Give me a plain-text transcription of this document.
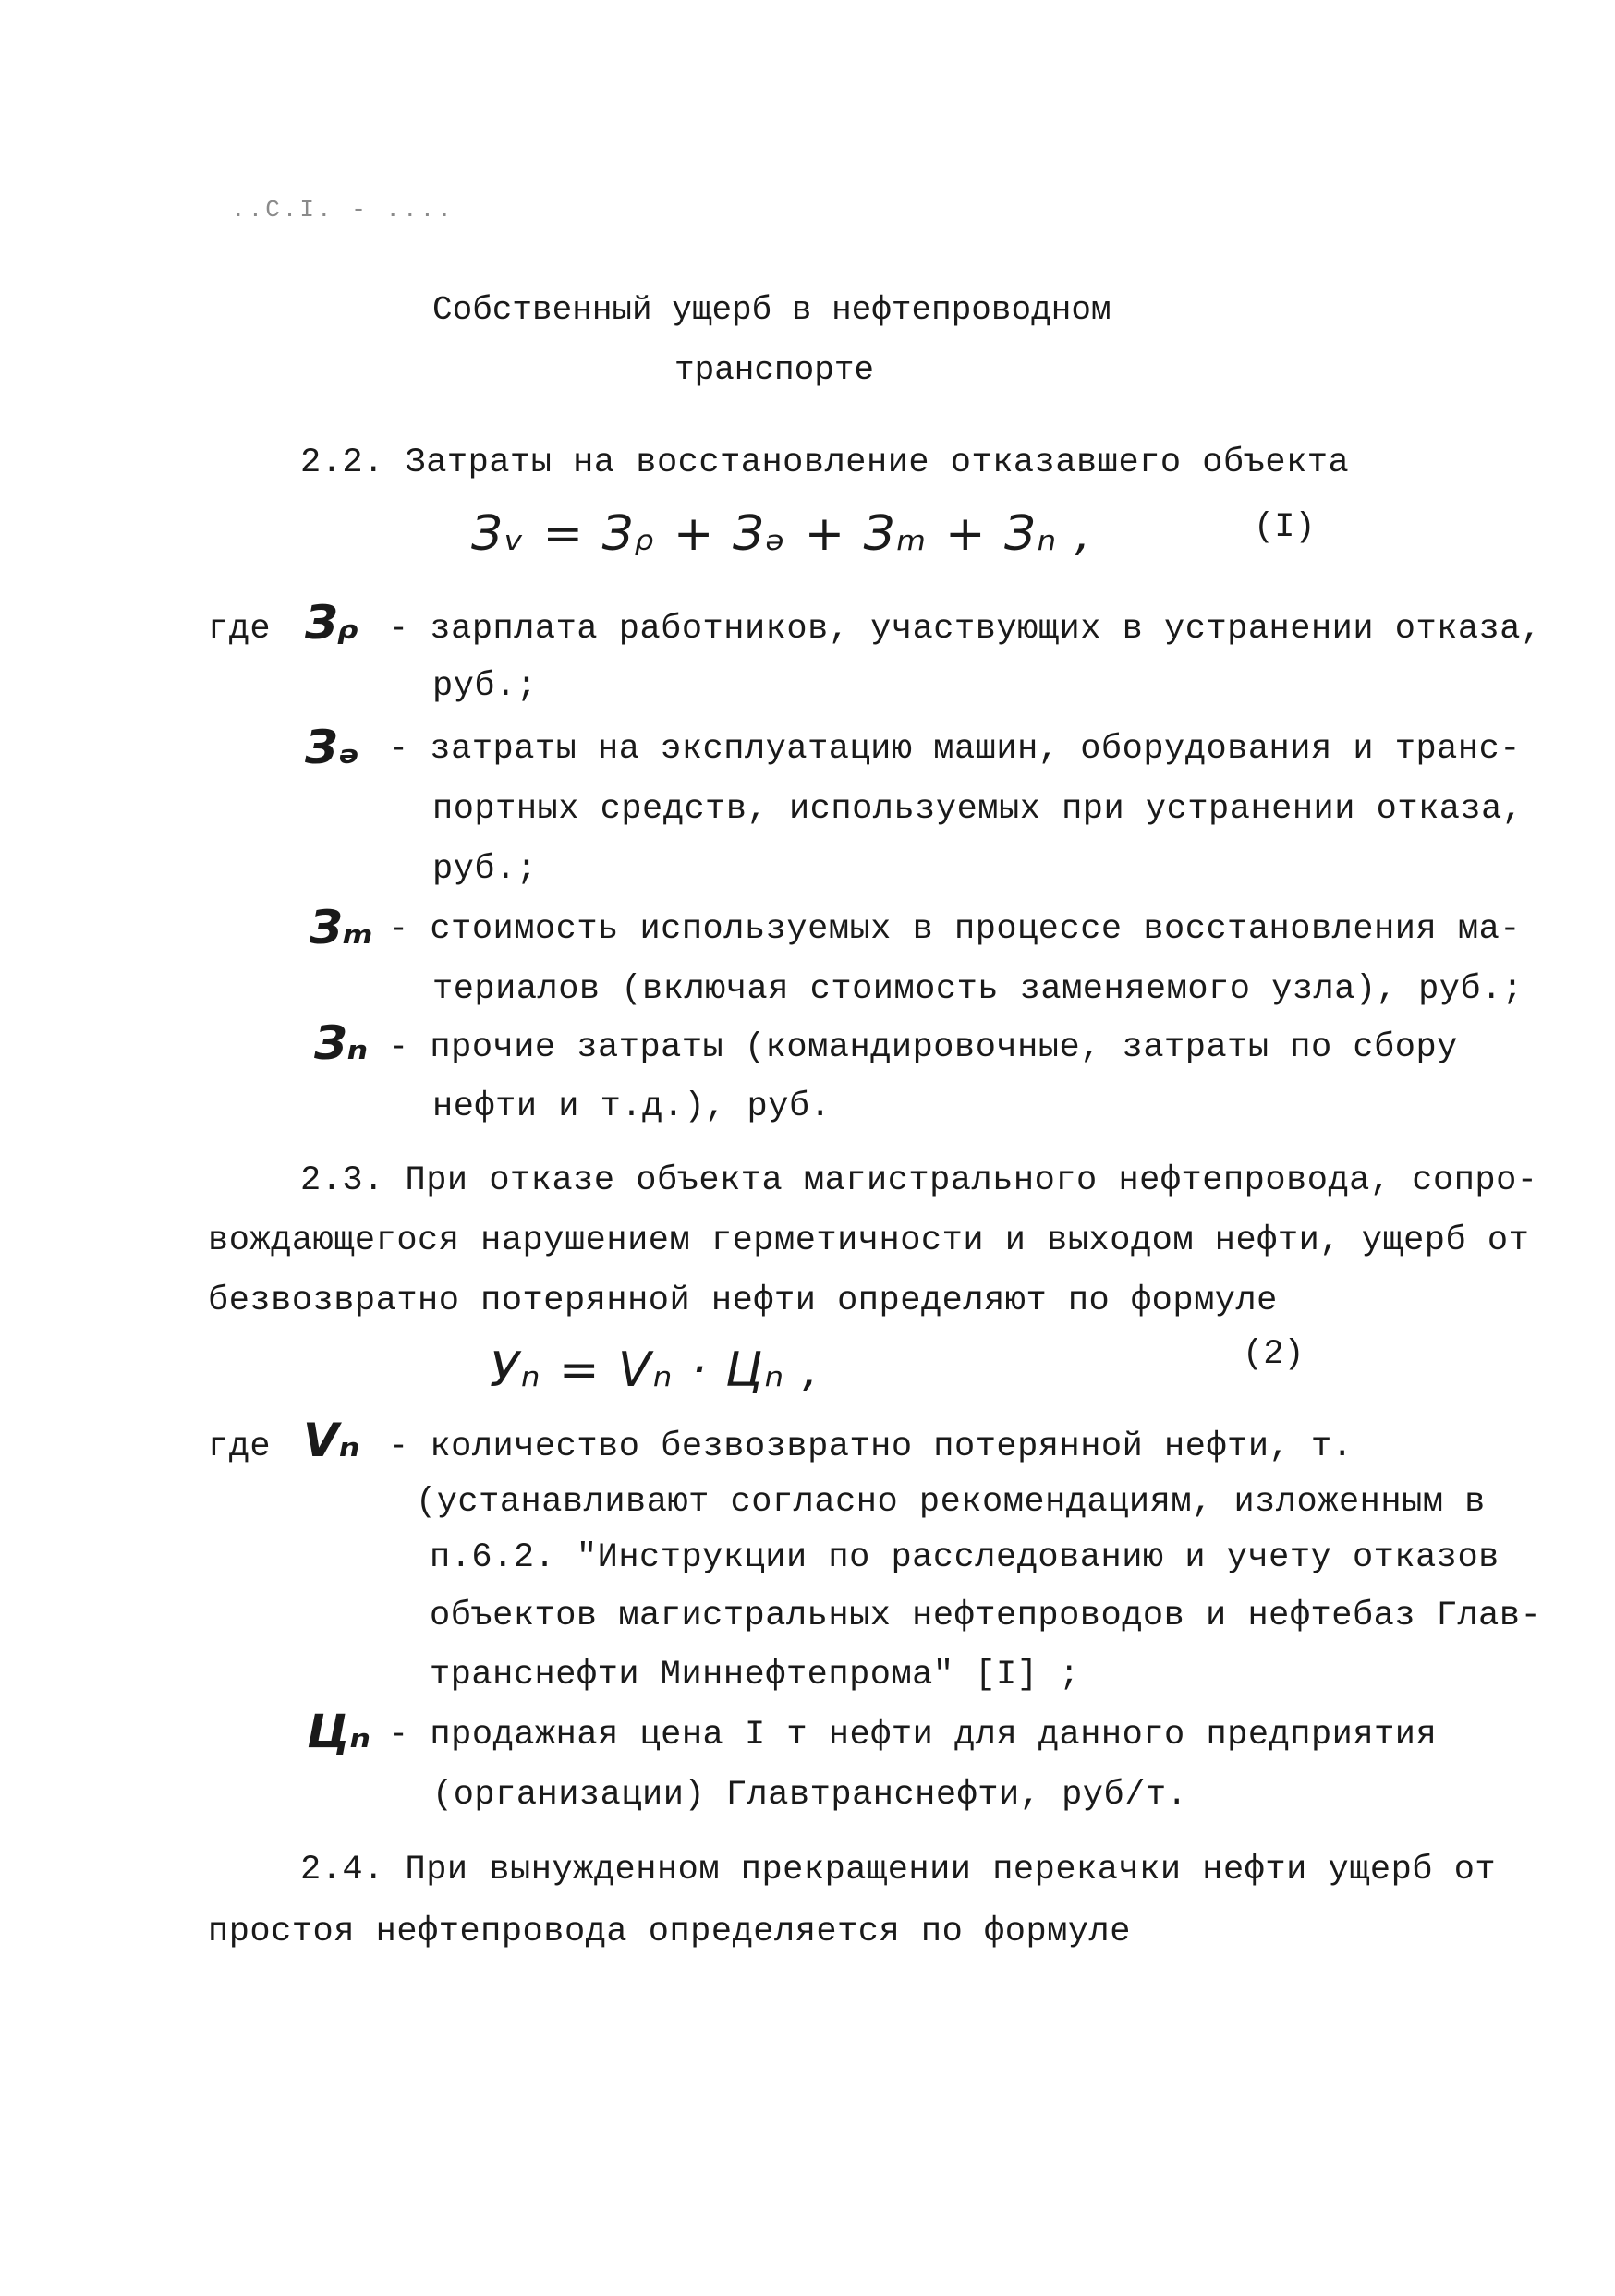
..С.І. - ....
Собственный ущерб в нефтепроводном
транспорте
2.2. Затраты на восстановление отказавшего объекта
Зᵥ = Зᵨ + Зₔ + Зₘ + Зₙ ,	(I)
где Зᵨ - зарплата работников, участвующих в устранении отказа,
руб.;
Зₔ - затраты на эксплуатацию машин, оборудования и транс-
портных средств, используемых при устранении отказа,
руб.;
Зₘ - стоимость используемых в процессе восстановления ма-
териалов (включая стоимость заменяемого узла), руб.;
Зₙ - прочие затраты (командировочные, затраты по сбору
нефти и т.д.), руб.
2.3. При отказе объекта магистрального нефтепровода, сопро-
вождающегося нарушением герметичности и выходом нефти, ущерб от
безвозвратно потерянной нефти определяют по формуле
Уₙ = Vₙ · Цₙ ,	(2)
где Vₙ - количество безвозвратно потерянной нефти, т.
(устанавливают согласно рекомендациям, изложенным в
п.6.2. "Инструкции по расследованию и учету отказов
объектов магистральных нефтепроводов и нефтебаз Глав-
транснефти Миннефтепрома" [I] ;
Цₙ - продажная цена I т нефти для данного предприятия
(организации) Главтранснефти, руб/т.
2.4. При вынужденном прекращении перекачки нефти ущерб от
простоя нефтепровода определяется по формуле
